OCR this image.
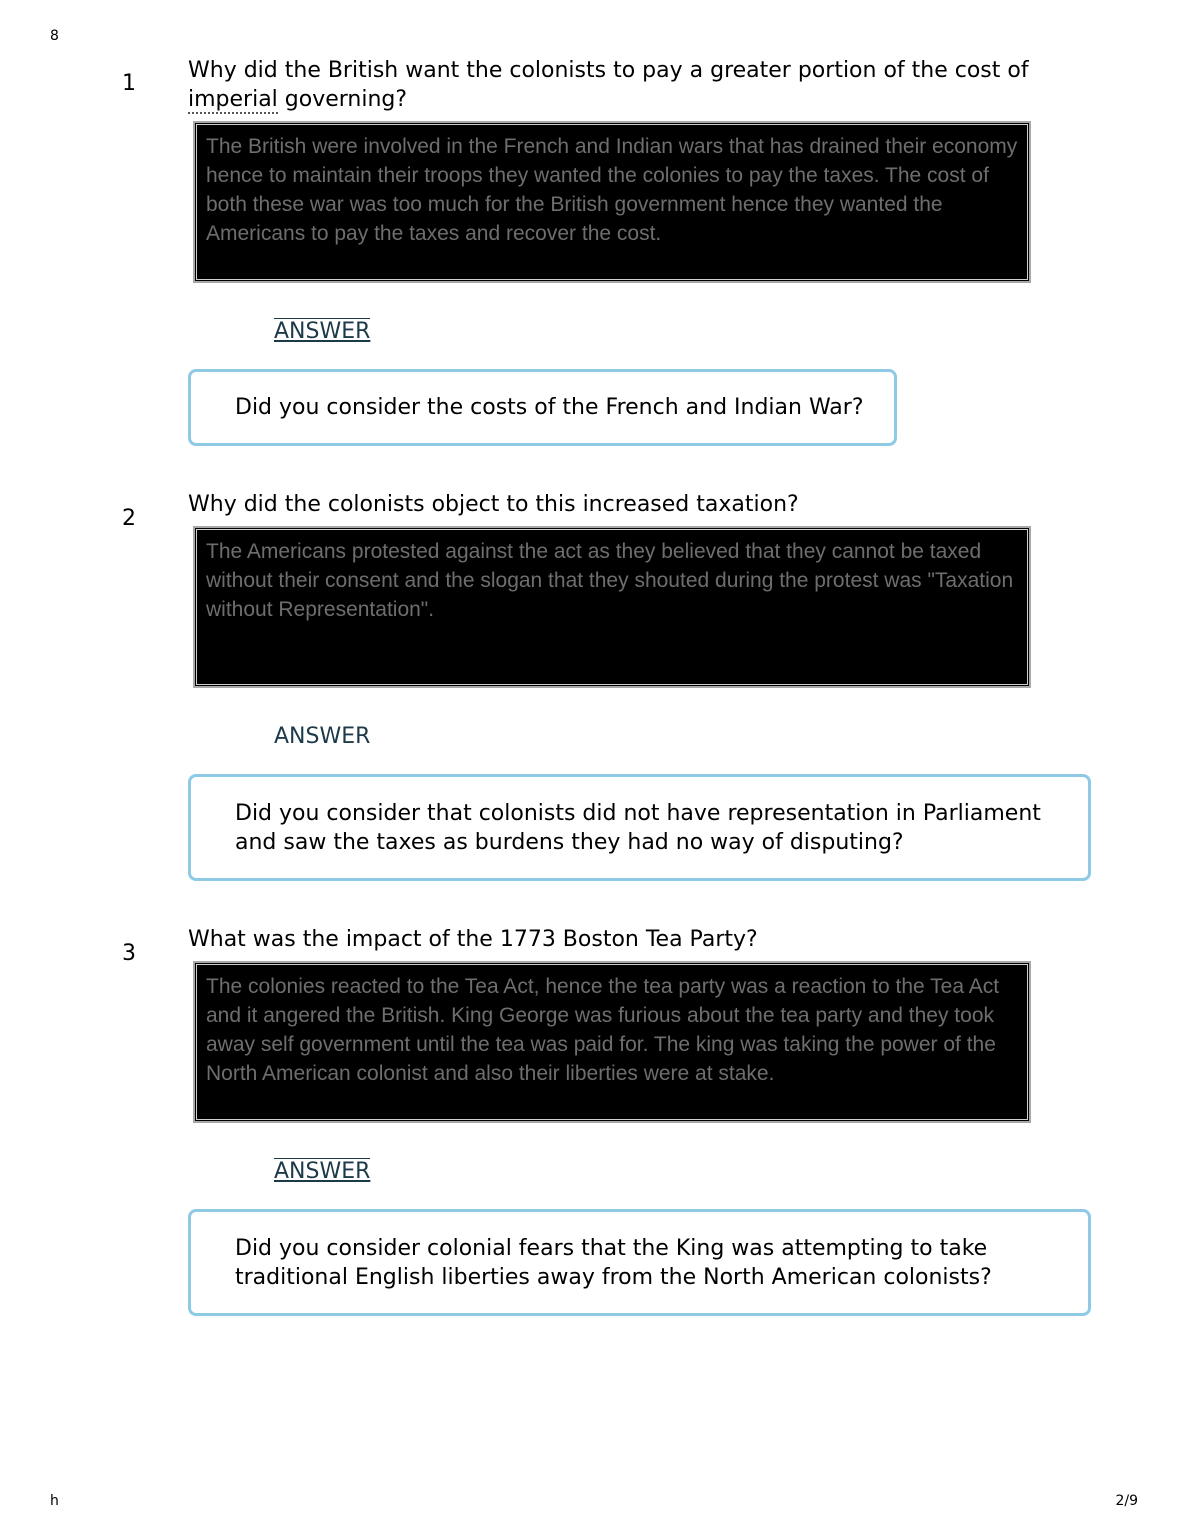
8
1

Why did the British want the colonists to pay a greater portion of the cost of imperial governing?

The British were involved in the French and Indian wars that has drained their economy hence to maintain their troops they wanted the colonies to pay the taxes. The cost of both these war was too much for the British government hence they wanted the Americans to pay the taxes and recover the cost.
ANSWER
Did you consider the costs of the French and Indian War?
2

Why did the colonists object to this increased taxation?

The Americans protested against the act as they believed that they cannot be taxed without their consent and the slogan that they shouted during the protest was "Taxation without Representation".
ANSWER
Did you consider that colonists did not have representation in Parliament and saw the taxes as burdens they had no way of disputing?
3

What was the impact of the 1773 Boston Tea Party?

The colonies reacted to the Tea Act, hence the tea party was a reaction to the Tea Act and it angered the British. King George was furious about the tea party and they took away self government until the tea was paid for. The king was taking the power of the North American colonist and also their liberties were at stake.
ANSWER
Did you consider colonial fears that the King was attempting to take traditional English liberties away from the North American colonists?
h	2/9
